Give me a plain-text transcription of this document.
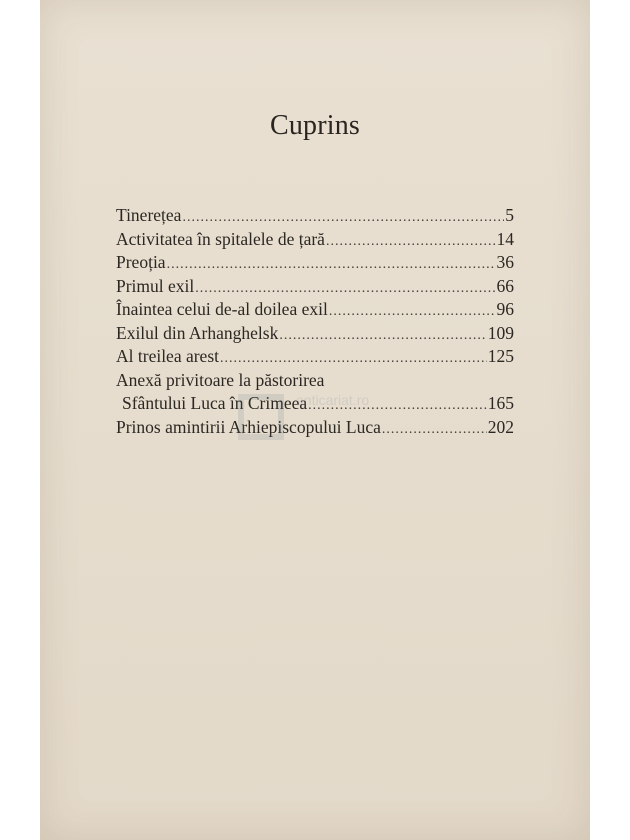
Cuprins
Tinerețea .....	5
Activitatea în spitalele de țară .....	14
Preoția .....	36
Primul exil .....	66
Înaintea celui de-al doilea exil .....	96
Exilul din Arhanghelsk .....	109
Al treilea arest .....	125
Anexă privitoare la păstorirea
Sfântului Luca în Crimeea .....	165
Prinos amintirii Arhiepiscopului Luca .....	202
anticariat.ro
